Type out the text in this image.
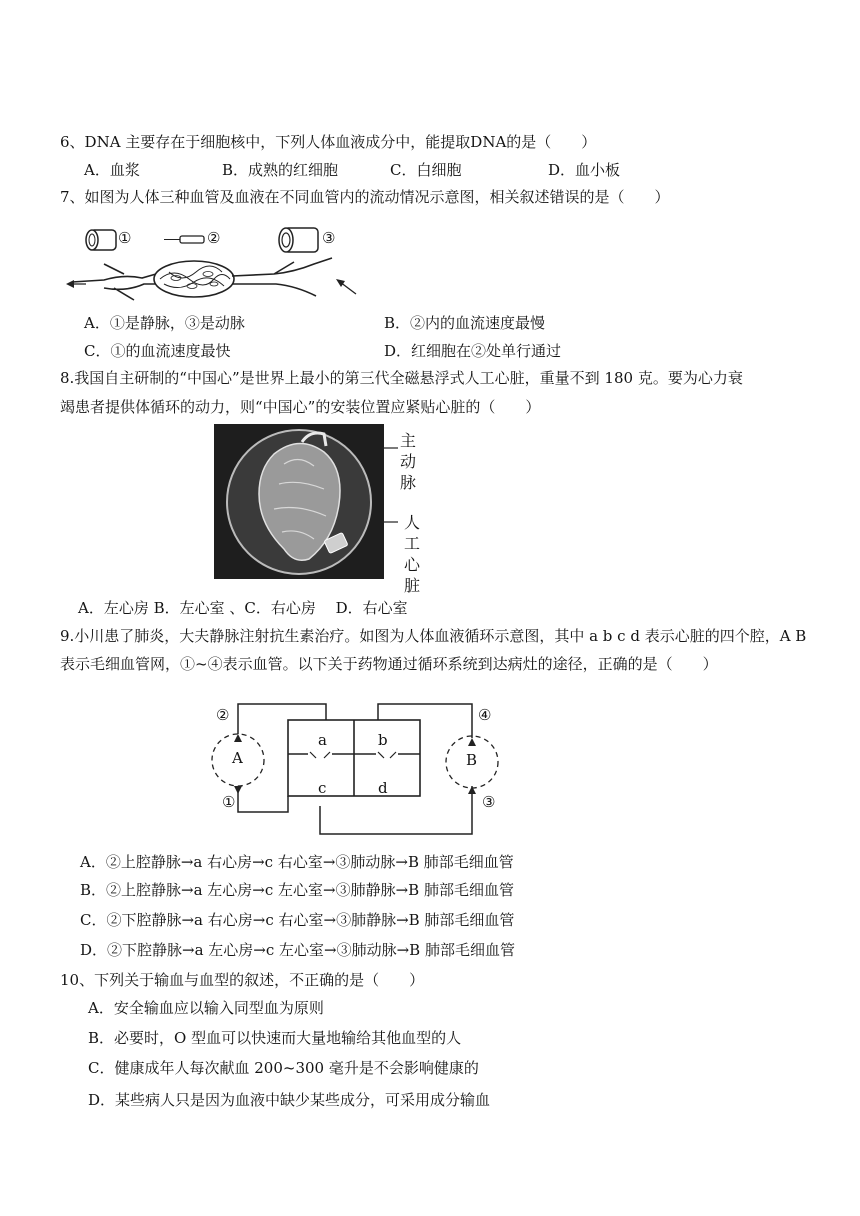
6、DNA 主要存在于细胞核中，下列人体血液成分中，能提取DNA的是（　　）
A．血浆	B．成熟的红细胞	C．白细胞	D．血小板
7、如图为人体三种血管及血液在不同血管内的流动情况示意图，相关叙述错误的是（　　）
①	②	③
A．①是静脉，③是动脉	B．②内的血流速度最慢
C．①的血流速度最快	D．红细胞在②处单行通过
8.我国自主研制的“中国心”是世界上最小的第三代全磁悬浮式人工心脏，重量不到 180 克。要为心力衰
竭患者提供体循环的动力，则“中国心”的安装位置应紧贴心脏的（　　）
主
动
脉
人
工
心
脏
A．左心房 B．左心室 、C．右心房　 D．右心室
9.小川患了肺炎，大夫静脉注射抗生素治疗。如图为人体血液循环示意图，其中 a b c d 表示心脏的四个腔，A B
表示毛细血管网，①~④表示血管。以下关于药物通过循环系统到达病灶的途径，正确的是（　　）
a	b
c	d
A	B
②	④
①	③
A．②上腔静脉→a 右心房→c 右心室→③肺动脉→B 肺部毛细血管
B．②上腔静脉→a 左心房→c 左心室→③肺静脉→B 肺部毛细血管
C．②下腔静脉→a 右心房→c 右心室→③肺静脉→B 肺部毛细血管
D．②下腔静脉→a 左心房→c 左心室→③肺动脉→B 肺部毛细血管
10、下列关于输血与血型的叙述，不正确的是（　　）
A．安全输血应以输入同型血为原则
B．必要时，O 型血可以快速而大量地输给其他血型的人
C．健康成年人每次献血 200~300 毫升是不会影响健康的
D．某些病人只是因为血液中缺少某些成分，可采用成分输血
